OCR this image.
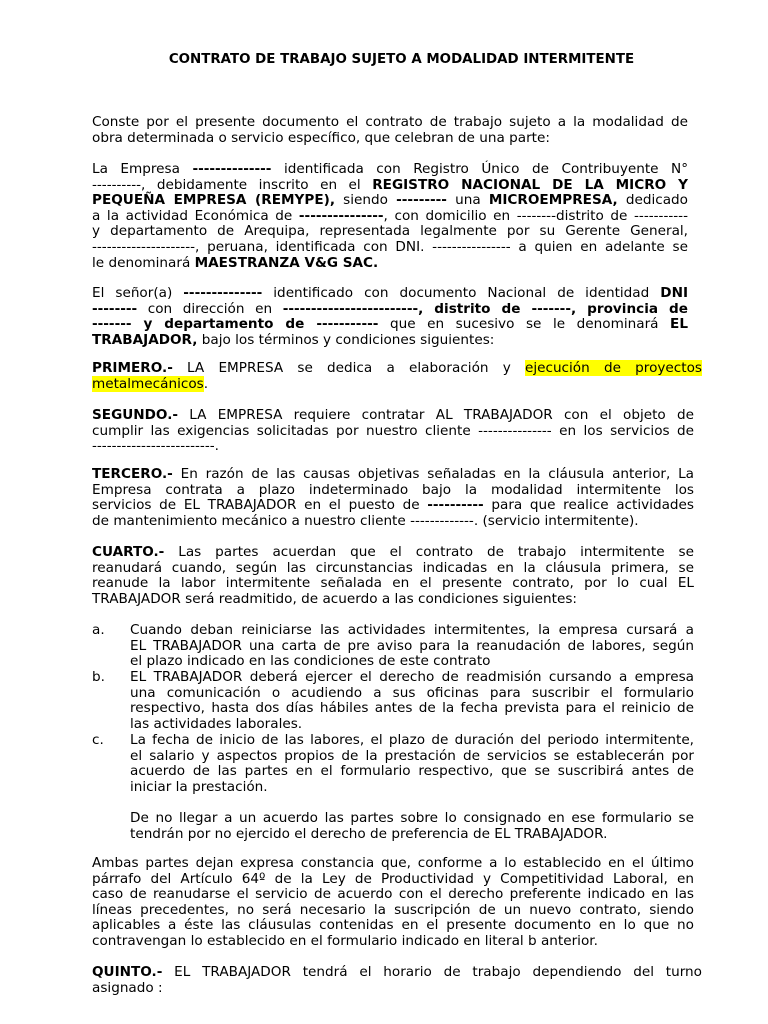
CONTRATO DE TRABAJO SUJETO A MODALIDAD INTERMITENTE
Conste por el presente documento el contrato de trabajo sujeto a la modalidad de
obra determinada o servicio específico, que celebran de una parte:
La Empresa -------------- identificada con Registro Único de Contribuyente N°
----------, debidamente inscrito en el REGISTRO NACIONAL DE LA MICRO Y
PEQUEÑA EMPRESA (REMYPE), siendo --------- una MICROEMPRESA, dedicado
a la actividad Económica de ---------------, con domicilio en --------distrito de -----------
y departamento de Arequipa, representada legalmente por su Gerente General,
---------------------, peruana, identificada con DNI. ---------------- a quien en adelante se
le denominará MAESTRANZA V&G SAC.
El señor(a) -------------- identificado con documento Nacional de identidad DNI
-------- con dirección en ------------------------, distrito de -------, provincia de
------- y departamento de ----------- que en sucesivo se le denominará EL
TRABAJADOR, bajo los términos y condiciones siguientes:
PRIMERO.- LA EMPRESA se dedica a elaboración y ejecución de proyectos
metalmecánicos.
SEGUNDO.- LA EMPRESA requiere contratar AL TRABAJADOR con el objeto de
cumplir las exigencias solicitadas por nuestro cliente --------------- en los servicios de
-------------------------.
TERCERO.- En razón de las causas objetivas señaladas en la cláusula anterior, La
Empresa contrata a plazo indeterminado bajo la modalidad intermitente los
servicios de EL TRABAJADOR en el puesto de ---------- para que realice actividades
de mantenimiento mecánico a nuestro cliente -------------. (servicio intermitente).
CUARTO.- Las partes acuerdan que el contrato de trabajo intermitente se
reanudará cuando, según las circunstancias indicadas en la cláusula primera, se
reanude la labor intermitente señalada en el presente contrato, por lo cual EL
TRABAJADOR será readmitido, de acuerdo a las condiciones siguientes:
a. Cuando deban reiniciarse las actividades intermitentes, la empresa cursará a
EL TRABAJADOR una carta de pre aviso para la reanudación de labores, según
el plazo indicado en las condiciones de este contrato
b. EL TRABAJADOR deberá ejercer el derecho de readmisión cursando a empresa
una comunicación o acudiendo a sus oficinas para suscribir el formulario
respectivo, hasta dos días hábiles antes de la fecha prevista para el reinicio de
las actividades laborales.
c. La fecha de inicio de las labores, el plazo de duración del periodo intermitente,
el salario y aspectos propios de la prestación de servicios se establecerán por
acuerdo de las partes en el formulario respectivo, que se suscribirá antes de
iniciar la prestación.
De no llegar a un acuerdo las partes sobre lo consignado en ese formulario se
tendrán por no ejercido el derecho de preferencia de EL TRABAJADOR.
Ambas partes dejan expresa constancia que, conforme a lo establecido en el último
párrafo del Artículo 64º de la Ley de Productividad y Competitividad Laboral, en
caso de reanudarse el servicio de acuerdo con el derecho preferente indicado en las
líneas precedentes, no será necesario la suscripción de un nuevo contrato, siendo
aplicables a éste las cláusulas contenidas en el presente documento en lo que no
contravengan lo establecido en el formulario indicado en literal b anterior.
QUINTO.- EL TRABAJADOR tendrá el horario de trabajo dependiendo del turno
asignado :
